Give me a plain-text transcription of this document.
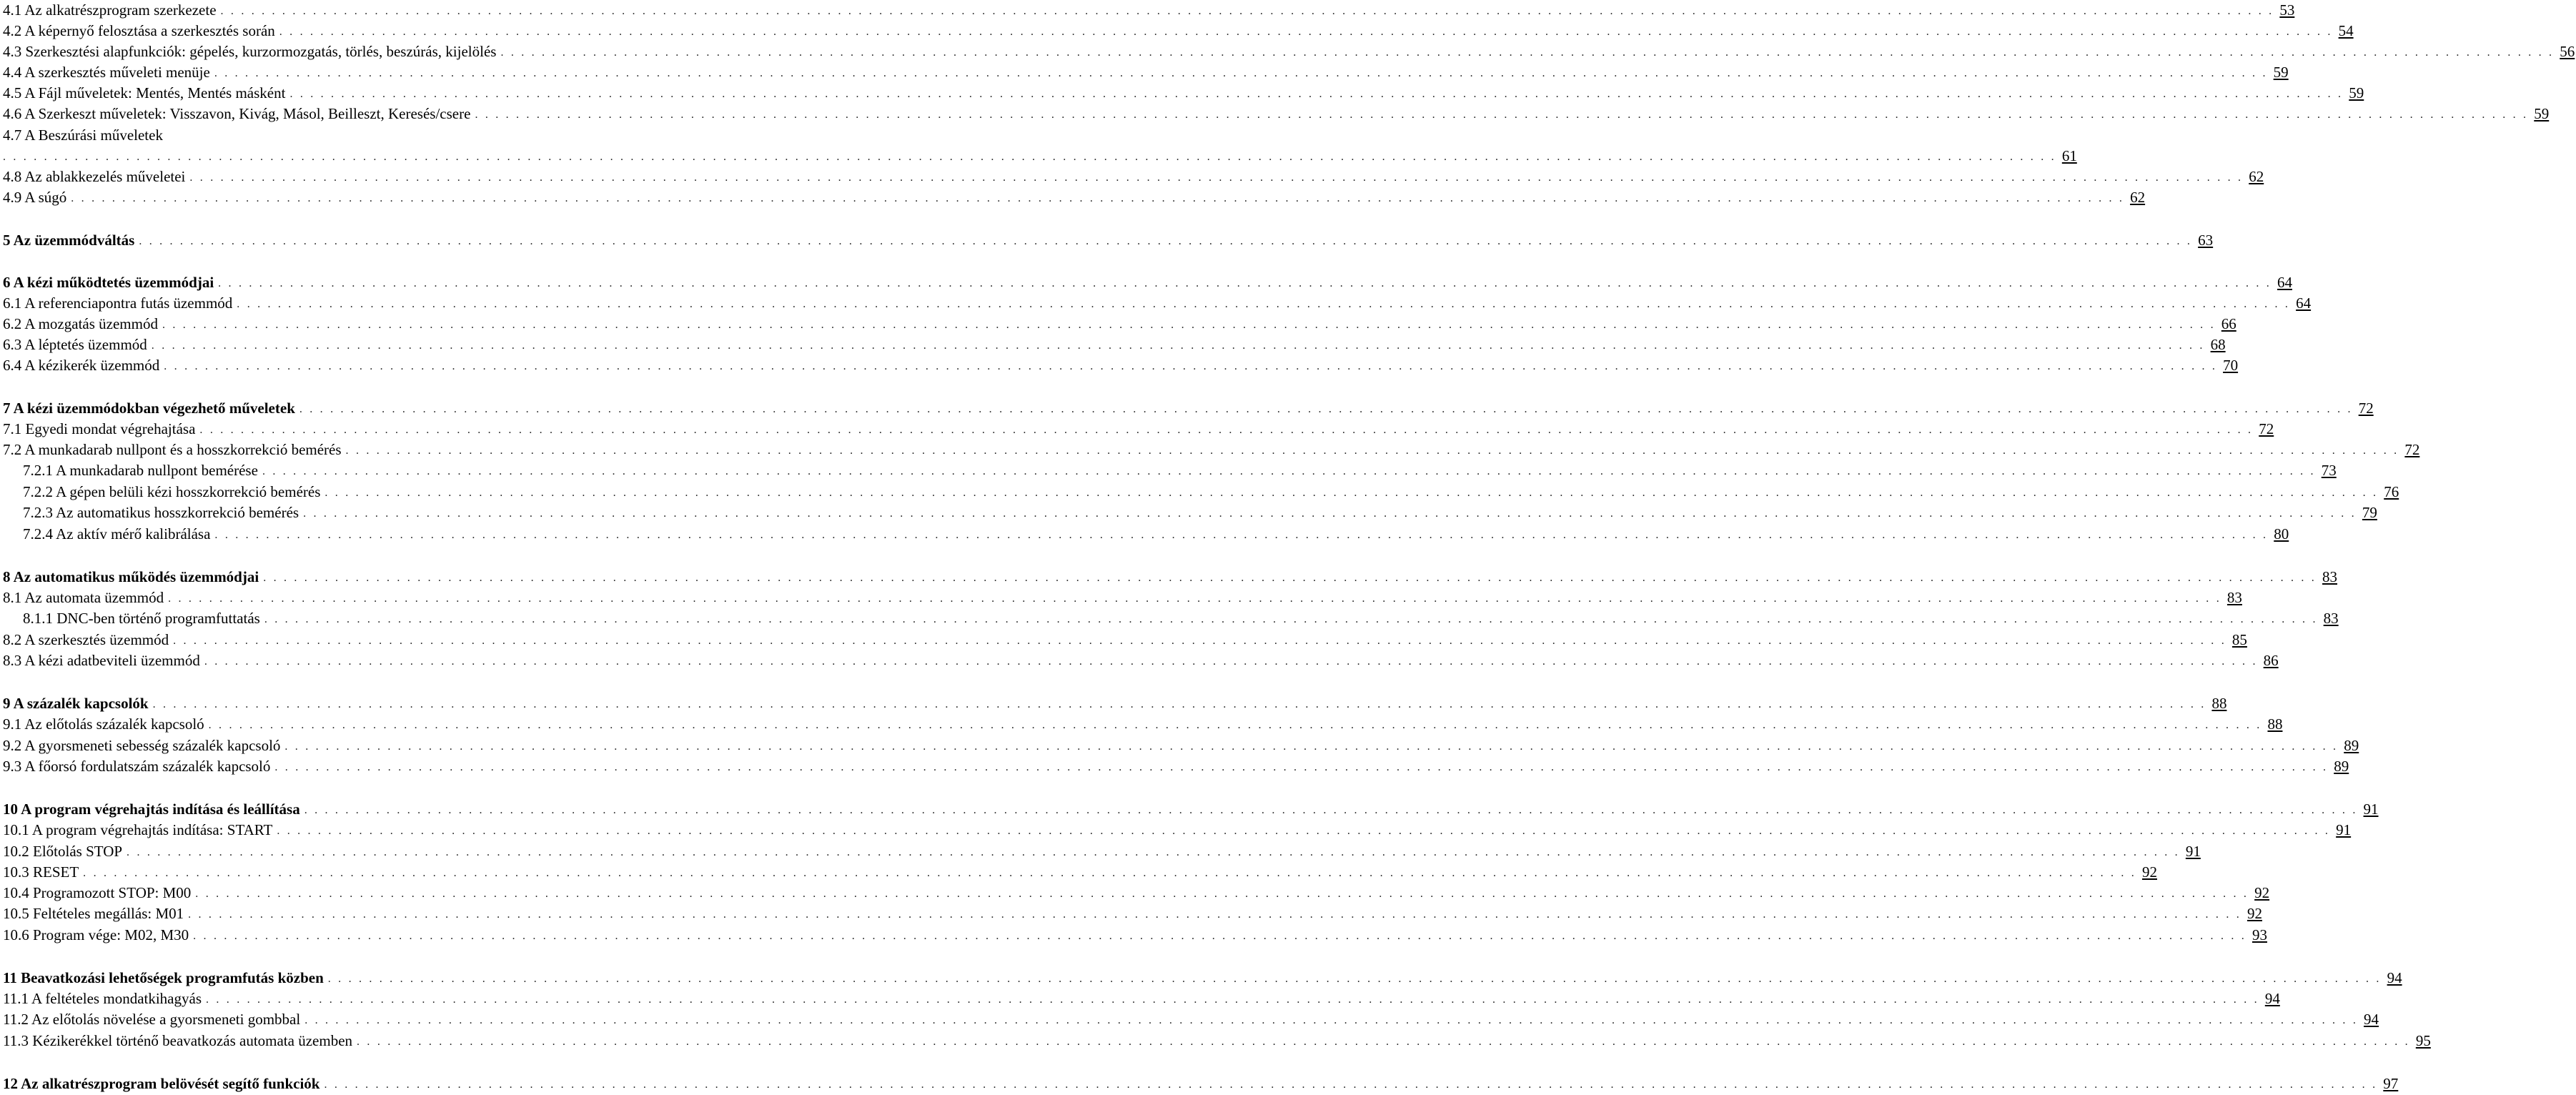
4.1 Az alkatrészprogram szerkezete . . . . . . . . . . . . . . . . . . . . . . . . . . . . . . . . . . . . . . . . . . . . . . . . . . . . . . . . . . . . . . . . . . . . . . . . . . . . . . . . . . . . . . . . . . . . . . . . . . . . . . . . . . . . . . . . . . . . . . . . . . . . . . . . . . . . . . . . . . . . . . . . . . . . . . . . . . . . . . . . . . . . . . . . . . . . . . . . . . . . . . . . . . . . . . . . . . . . . . . . 53
4.2 A képernyő felosztása a szerkesztés során . . . . . . . . . . . . . . . . . . . . . . . . . . . . . . . . . . . . . . . . . . . . . . . . . . . . . . . . . . . . . . . . . . . . . . . . . . . . . . . . . . . . . . . . . . . . . . . . . . . . . . . . . . . . . . . . . . . . . . . . . . . . . . . . . . . . . . . . . . . . . . . . . . . . . . . . . . . . . . . . . . . . . . . . . . . . . . . . . . . . . . . . . . . . . . . . . . . . . . . . 54
4.3 Szerkesztési alapfunkciók: gépelés, kurzormozgatás, törlés, beszúrás, kijelölés . . . . . . . . . . . . . . . . . . . . . . . . . . . . . . . . . . . . . . . . . . . . . . . . . . . . . . . . . . . . . . . . . . . . . . . . . . . . . . . . . . . . . . . . . . . . . . . . . . . . . . . . . . . . . . . . . . . . . . . . . . . . . . . . . . . . . . . . . . . . . . . . . . . . . . . . . . . . . . . . . . . . . . . . . . . . . . . . . . . . . . . . . . . . . . . . . . . . . . . . 56
4.4 A szerkesztés műveleti menüje . . . . . . . . . . . . . . . . . . . . . . . . . . . . . . . . . . . . . . . . . . . . . . . . . . . . . . . . . . . . . . . . . . . . . . . . . . . . . . . . . . . . . . . . . . . . . . . . . . . . . . . . . . . . . . . . . . . . . . . . . . . . . . . . . . . . . . . . . . . . . . . . . . . . . . . . . . . . . . . . . . . . . . . . . . . . . . . . . . . . . . . . . . . . . . . . . . . . . . . . 59
4.5 A Fájl műveletek: Mentés, Mentés másként . . . . . . . . . . . . . . . . . . . . . . . . . . . . . . . . . . . . . . . . . . . . . . . . . . . . . . . . . . . . . . . . . . . . . . . . . . . . . . . . . . . . . . . . . . . . . . . . . . . . . . . . . . . . . . . . . . . . . . . . . . . . . . . . . . . . . . . . . . . . . . . . . . . . . . . . . . . . . . . . . . . . . . . . . . . . . . . . . . . . . . . . . . . . . . . . . . . . . . . . 59
4.6 A Szerkeszt műveletek: Visszavon, Kivág, Másol, Beilleszt, Keresés/csere . . . . . . . . . . . . . . . . . . . . . . . . . . . . . . . . . . . . . . . . . . . . . . . . . . . . . . . . . . . . . . . . . . . . . . . . . . . . . . . . . . . . . . . . . . . . . . . . . . . . . . . . . . . . . . . . . . . . . . . . . . . . . . . . . . . . . . . . . . . . . . . . . . . . . . . . . . . . . . . . . . . . . . . . . . . . . . . . . . . . . . . . . . . . . . . . . . . . . . . . 59
4.7 A Beszúrási műveletek
. . . . . . . . . . . . . . . . . . . . . . . . . . . . . . . . . . . . . . . . . . . . . . . . . . . . . . . . . . . . . . . . . . . . . . . . . . . . . . . . . . . . . . . . . . . . . . . . . . . . . . . . . . . . . . . . . . . . . . . . . . . . . . . . . . . . . . . . . . . . . . . . . . . . . . . . . . . . . . . . . . . . . . . . . . . . . . . . . . . . . . . . . . . . . . . . . . . . . . . . 61
4.8 Az ablakkezelés műveletei . . . . . . . . . . . . . . . . . . . . . . . . . . . . . . . . . . . . . . . . . . . . . . . . . . . . . . . . . . . . . . . . . . . . . . . . . . . . . . . . . . . . . . . . . . . . . . . . . . . . . . . . . . . . . . . . . . . . . . . . . . . . . . . . . . . . . . . . . . . . . . . . . . . . . . . . . . . . . . . . . . . . . . . . . . . . . . . . . . . . . . . . . . . . . . . . . . . . . . . . 62
4.9 A súgó . . . . . . . . . . . . . . . . . . . . . . . . . . . . . . . . . . . . . . . . . . . . . . . . . . . . . . . . . . . . . . . . . . . . . . . . . . . . . . . . . . . . . . . . . . . . . . . . . . . . . . . . . . . . . . . . . . . . . . . . . . . . . . . . . . . . . . . . . . . . . . . . . . . . . . . . . . . . . . . . . . . . . . . . . . . . . . . . . . . . . . . . . . . . . . . . . . . . . . . . 62
5 Az üzemmódváltás . . . . . . . . . . . . . . . . . . . . . . . . . . . . . . . . . . . . . . . . . . . . . . . . . . . . . . . . . . . . . . . . . . . . . . . . . . . . . . . . . . . . . . . . . . . . . . . . . . . . . . . . . . . . . . . . . . . . . . . . . . . . . . . . . . . . . . . . . . . . . . . . . . . . . . . . . . . . . . . . . . . . . . . . . . . . . . . . . . . . . . . . . . . . . . . . . . . . . . . . 63
6 A kézi működtetés üzemmódjai . . . . . . . . . . . . . . . . . . . . . . . . . . . . . . . . . . . . . . . . . . . . . . . . . . . . . . . . . . . . . . . . . . . . . . . . . . . . . . . . . . . . . . . . . . . . . . . . . . . . . . . . . . . . . . . . . . . . . . . . . . . . . . . . . . . . . . . . . . . . . . . . . . . . . . . . . . . . . . . . . . . . . . . . . . . . . . . . . . . . . . . . . . . . . . . . . . . . . . . . 64
6.1 A referenciapontra futás üzemmód . . . . . . . . . . . . . . . . . . . . . . . . . . . . . . . . . . . . . . . . . . . . . . . . . . . . . . . . . . . . . . . . . . . . . . . . . . . . . . . . . . . . . . . . . . . . . . . . . . . . . . . . . . . . . . . . . . . . . . . . . . . . . . . . . . . . . . . . . . . . . . . . . . . . . . . . . . . . . . . . . . . . . . . . . . . . . . . . . . . . . . . . . . . . . . . . . . . . . . . . 64
6.2 A mozgatás üzemmód . . . . . . . . . . . . . . . . . . . . . . . . . . . . . . . . . . . . . . . . . . . . . . . . . . . . . . . . . . . . . . . . . . . . . . . . . . . . . . . . . . . . . . . . . . . . . . . . . . . . . . . . . . . . . . . . . . . . . . . . . . . . . . . . . . . . . . . . . . . . . . . . . . . . . . . . . . . . . . . . . . . . . . . . . . . . . . . . . . . . . . . . . . . . . . . . . . . . . . . . 66
6.3 A léptetés üzemmód . . . . . . . . . . . . . . . . . . . . . . . . . . . . . . . . . . . . . . . . . . . . . . . . . . . . . . . . . . . . . . . . . . . . . . . . . . . . . . . . . . . . . . . . . . . . . . . . . . . . . . . . . . . . . . . . . . . . . . . . . . . . . . . . . . . . . . . . . . . . . . . . . . . . . . . . . . . . . . . . . . . . . . . . . . . . . . . . . . . . . . . . . . . . . . . . . . . . . . . . 68
6.4 A kézikerék üzemmód . . . . . . . . . . . . . . . . . . . . . . . . . . . . . . . . . . . . . . . . . . . . . . . . . . . . . . . . . . . . . . . . . . . . . . . . . . . . . . . . . . . . . . . . . . . . . . . . . . . . . . . . . . . . . . . . . . . . . . . . . . . . . . . . . . . . . . . . . . . . . . . . . . . . . . . . . . . . . . . . . . . . . . . . . . . . . . . . . . . . . . . . . . . . . . . . . . . . . . . . 70
7 A kézi üzemmódokban végezhető műveletek . . . . . . . . . . . . . . . . . . . . . . . . . . . . . . . . . . . . . . . . . . . . . . . . . . . . . . . . . . . . . . . . . . . . . . . . . . . . . . . . . . . . . . . . . . . . . . . . . . . . . . . . . . . . . . . . . . . . . . . . . . . . . . . . . . . . . . . . . . . . . . . . . . . . . . . . . . . . . . . . . . . . . . . . . . . . . . . . . . . . . . . . . . . . . . . . . . . . . . . . 72
7.1 Egyedi mondat végrehajtása . . . . . . . . . . . . . . . . . . . . . . . . . . . . . . . . . . . . . . . . . . . . . . . . . . . . . . . . . . . . . . . . . . . . . . . . . . . . . . . . . . . . . . . . . . . . . . . . . . . . . . . . . . . . . . . . . . . . . . . . . . . . . . . . . . . . . . . . . . . . . . . . . . . . . . . . . . . . . . . . . . . . . . . . . . . . . . . . . . . . . . . . . . . . . . . . . . . . . . . . 72
7.2 A munkadarab nullpont és a hosszkorrekció bemérés . . . . . . . . . . . . . . . . . . . . . . . . . . . . . . . . . . . . . . . . . . . . . . . . . . . . . . . . . . . . . . . . . . . . . . . . . . . . . . . . . . . . . . . . . . . . . . . . . . . . . . . . . . . . . . . . . . . . . . . . . . . . . . . . . . . . . . . . . . . . . . . . . . . . . . . . . . . . . . . . . . . . . . . . . . . . . . . . . . . . . . . . . . . . . . . . . . . . . . . . 72
7.2.1 A munkadarab nullpont bemérése . . . . . . . . . . . . . . . . . . . . . . . . . . . . . . . . . . . . . . . . . . . . . . . . . . . . . . . . . . . . . . . . . . . . . . . . . . . . . . . . . . . . . . . . . . . . . . . . . . . . . . . . . . . . . . . . . . . . . . . . . . . . . . . . . . . . . . . . . . . . . . . . . . . . . . . . . . . . . . . . . . . . . . . . . . . . . . . . . . . . . . . . . . . . . . . . . . . . . . . . 73
7.2.2 A gépen belüli kézi hosszkorrekció bemérés . . . . . . . . . . . . . . . . . . . . . . . . . . . . . . . . . . . . . . . . . . . . . . . . . . . . . . . . . . . . . . . . . . . . . . . . . . . . . . . . . . . . . . . . . . . . . . . . . . . . . . . . . . . . . . . . . . . . . . . . . . . . . . . . . . . . . . . . . . . . . . . . . . . . . . . . . . . . . . . . . . . . . . . . . . . . . . . . . . . . . . . . . . . . . . . . . . . . . . . . 76
7.2.3 Az automatikus hosszkorrekció bemérés . . . . . . . . . . . . . . . . . . . . . . . . . . . . . . . . . . . . . . . . . . . . . . . . . . . . . . . . . . . . . . . . . . . . . . . . . . . . . . . . . . . . . . . . . . . . . . . . . . . . . . . . . . . . . . . . . . . . . . . . . . . . . . . . . . . . . . . . . . . . . . . . . . . . . . . . . . . . . . . . . . . . . . . . . . . . . . . . . . . . . . . . . . . . . . . . . . . . . . . . 79
7.2.4 Az aktív mérő kalibrálása . . . . . . . . . . . . . . . . . . . . . . . . . . . . . . . . . . . . . . . . . . . . . . . . . . . . . . . . . . . . . . . . . . . . . . . . . . . . . . . . . . . . . . . . . . . . . . . . . . . . . . . . . . . . . . . . . . . . . . . . . . . . . . . . . . . . . . . . . . . . . . . . . . . . . . . . . . . . . . . . . . . . . . . . . . . . . . . . . . . . . . . . . . . . . . . . . . . . . . . . 80
8 Az automatikus működés üzemmódjai . . . . . . . . . . . . . . . . . . . . . . . . . . . . . . . . . . . . . . . . . . . . . . . . . . . . . . . . . . . . . . . . . . . . . . . . . . . . . . . . . . . . . . . . . . . . . . . . . . . . . . . . . . . . . . . . . . . . . . . . . . . . . . . . . . . . . . . . . . . . . . . . . . . . . . . . . . . . . . . . . . . . . . . . . . . . . . . . . . . . . . . . . . . . . . . . . . . . . . . . 83
8.1 Az automata üzemmód . . . . . . . . . . . . . . . . . . . . . . . . . . . . . . . . . . . . . . . . . . . . . . . . . . . . . . . . . . . . . . . . . . . . . . . . . . . . . . . . . . . . . . . . . . . . . . . . . . . . . . . . . . . . . . . . . . . . . . . . . . . . . . . . . . . . . . . . . . . . . . . . . . . . . . . . . . . . . . . . . . . . . . . . . . . . . . . . . . . . . . . . . . . . . . . . . . . . . . . . 83
8.1.1 DNC-ben történő programfuttatás . . . . . . . . . . . . . . . . . . . . . . . . . . . . . . . . . . . . . . . . . . . . . . . . . . . . . . . . . . . . . . . . . . . . . . . . . . . . . . . . . . . . . . . . . . . . . . . . . . . . . . . . . . . . . . . . . . . . . . . . . . . . . . . . . . . . . . . . . . . . . . . . . . . . . . . . . . . . . . . . . . . . . . . . . . . . . . . . . . . . . . . . . . . . . . . . . . . . . . . . 83
8.2 A szerkesztés üzemmód . . . . . . . . . . . . . . . . . . . . . . . . . . . . . . . . . . . . . . . . . . . . . . . . . . . . . . . . . . . . . . . . . . . . . . . . . . . . . . . . . . . . . . . . . . . . . . . . . . . . . . . . . . . . . . . . . . . . . . . . . . . . . . . . . . . . . . . . . . . . . . . . . . . . . . . . . . . . . . . . . . . . . . . . . . . . . . . . . . . . . . . . . . . . . . . . . . . . . . . . 85
8.3 A kézi adatbeviteli üzemmód . . . . . . . . . . . . . . . . . . . . . . . . . . . . . . . . . . . . . . . . . . . . . . . . . . . . . . . . . . . . . . . . . . . . . . . . . . . . . . . . . . . . . . . . . . . . . . . . . . . . . . . . . . . . . . . . . . . . . . . . . . . . . . . . . . . . . . . . . . . . . . . . . . . . . . . . . . . . . . . . . . . . . . . . . . . . . . . . . . . . . . . . . . . . . . . . . . . . . . . . 86
9 A százalék kapcsolók . . . . . . . . . . . . . . . . . . . . . . . . . . . . . . . . . . . . . . . . . . . . . . . . . . . . . . . . . . . . . . . . . . . . . . . . . . . . . . . . . . . . . . . . . . . . . . . . . . . . . . . . . . . . . . . . . . . . . . . . . . . . . . . . . . . . . . . . . . . . . . . . . . . . . . . . . . . . . . . . . . . . . . . . . . . . . . . . . . . . . . . . . . . . . . . . . . . . . . . . 88
9.1 Az előtolás százalék kapcsoló . . . . . . . . . . . . . . . . . . . . . . . . . . . . . . . . . . . . . . . . . . . . . . . . . . . . . . . . . . . . . . . . . . . . . . . . . . . . . . . . . . . . . . . . . . . . . . . . . . . . . . . . . . . . . . . . . . . . . . . . . . . . . . . . . . . . . . . . . . . . . . . . . . . . . . . . . . . . . . . . . . . . . . . . . . . . . . . . . . . . . . . . . . . . . . . . . . . . . . . . 88
9.2 A gyorsmeneti sebesség százalék kapcsoló . . . . . . . . . . . . . . . . . . . . . . . . . . . . . . . . . . . . . . . . . . . . . . . . . . . . . . . . . . . . . . . . . . . . . . . . . . . . . . . . . . . . . . . . . . . . . . . . . . . . . . . . . . . . . . . . . . . . . . . . . . . . . . . . . . . . . . . . . . . . . . . . . . . . . . . . . . . . . . . . . . . . . . . . . . . . . . . . . . . . . . . . . . . . . . . . . . . . . . . . 89
9.3 A főorsó fordulatszám százalék kapcsoló . . . . . . . . . . . . . . . . . . . . . . . . . . . . . . . . . . . . . . . . . . . . . . . . . . . . . . . . . . . . . . . . . . . . . . . . . . . . . . . . . . . . . . . . . . . . . . . . . . . . . . . . . . . . . . . . . . . . . . . . . . . . . . . . . . . . . . . . . . . . . . . . . . . . . . . . . . . . . . . . . . . . . . . . . . . . . . . . . . . . . . . . . . . . . . . . . . . . . . . . 89
10 A program végrehajtás indítása és leállítása . . . . . . . . . . . . . . . . . . . . . . . . . . . . . . . . . . . . . . . . . . . . . . . . . . . . . . . . . . . . . . . . . . . . . . . . . . . . . . . . . . . . . . . . . . . . . . . . . . . . . . . . . . . . . . . . . . . . . . . . . . . . . . . . . . . . . . . . . . . . . . . . . . . . . . . . . . . . . . . . . . . . . . . . . . . . . . . . . . . . . . . . . . . . . . . . . . . . . . . . 91
10.1 A program végrehajtás indítása: START . . . . . . . . . . . . . . . . . . . . . . . . . . . . . . . . . . . . . . . . . . . . . . . . . . . . . . . . . . . . . . . . . . . . . . . . . . . . . . . . . . . . . . . . . . . . . . . . . . . . . . . . . . . . . . . . . . . . . . . . . . . . . . . . . . . . . . . . . . . . . . . . . . . . . . . . . . . . . . . . . . . . . . . . . . . . . . . . . . . . . . . . . . . . . . . . . . . . . . . . 91
10.2 Előtolás STOP . . . . . . . . . . . . . . . . . . . . . . . . . . . . . . . . . . . . . . . . . . . . . . . . . . . . . . . . . . . . . . . . . . . . . . . . . . . . . . . . . . . . . . . . . . . . . . . . . . . . . . . . . . . . . . . . . . . . . . . . . . . . . . . . . . . . . . . . . . . . . . . . . . . . . . . . . . . . . . . . . . . . . . . . . . . . . . . . . . . . . . . . . . . . . . . . . . . . . . . . 91
10.3 RESET . . . . . . . . . . . . . . . . . . . . . . . . . . . . . . . . . . . . . . . . . . . . . . . . . . . . . . . . . . . . . . . . . . . . . . . . . . . . . . . . . . . . . . . . . . . . . . . . . . . . . . . . . . . . . . . . . . . . . . . . . . . . . . . . . . . . . . . . . . . . . . . . . . . . . . . . . . . . . . . . . . . . . . . . . . . . . . . . . . . . . . . . . . . . . . . . . . . . . . . . 92
10.4 Programozott STOP: M00 . . . . . . . . . . . . . . . . . . . . . . . . . . . . . . . . . . . . . . . . . . . . . . . . . . . . . . . . . . . . . . . . . . . . . . . . . . . . . . . . . . . . . . . . . . . . . . . . . . . . . . . . . . . . . . . . . . . . . . . . . . . . . . . . . . . . . . . . . . . . . . . . . . . . . . . . . . . . . . . . . . . . . . . . . . . . . . . . . . . . . . . . . . . . . . . . . . . . . . . . 92
10.5 Feltételes megállás: M01 . . . . . . . . . . . . . . . . . . . . . . . . . . . . . . . . . . . . . . . . . . . . . . . . . . . . . . . . . . . . . . . . . . . . . . . . . . . . . . . . . . . . . . . . . . . . . . . . . . . . . . . . . . . . . . . . . . . . . . . . . . . . . . . . . . . . . . . . . . . . . . . . . . . . . . . . . . . . . . . . . . . . . . . . . . . . . . . . . . . . . . . . . . . . . . . . . . . . . . . . 92
10.6 Program vége: M02, M30 . . . . . . . . . . . . . . . . . . . . . . . . . . . . . . . . . . . . . . . . . . . . . . . . . . . . . . . . . . . . . . . . . . . . . . . . . . . . . . . . . . . . . . . . . . . . . . . . . . . . . . . . . . . . . . . . . . . . . . . . . . . . . . . . . . . . . . . . . . . . . . . . . . . . . . . . . . . . . . . . . . . . . . . . . . . . . . . . . . . . . . . . . . . . . . . . . . . . . . . . 93
11 Beavatkozási lehetőségek programfutás közben . . . . . . . . . . . . . . . . . . . . . . . . . . . . . . . . . . . . . . . . . . . . . . . . . . . . . . . . . . . . . . . . . . . . . . . . . . . . . . . . . . . . . . . . . . . . . . . . . . . . . . . . . . . . . . . . . . . . . . . . . . . . . . . . . . . . . . . . . . . . . . . . . . . . . . . . . . . . . . . . . . . . . . . . . . . . . . . . . . . . . . . . . . . . . . . . . . . . . . . . 94
11.1 A feltételes mondatkihagyás . . . . . . . . . . . . . . . . . . . . . . . . . . . . . . . . . . . . . . . . . . . . . . . . . . . . . . . . . . . . . . . . . . . . . . . . . . . . . . . . . . . . . . . . . . . . . . . . . . . . . . . . . . . . . . . . . . . . . . . . . . . . . . . . . . . . . . . . . . . . . . . . . . . . . . . . . . . . . . . . . . . . . . . . . . . . . . . . . . . . . . . . . . . . . . . . . . . . . . . . 94
11.2 Az előtolás növelése a gyorsmeneti gombbal . . . . . . . . . . . . . . . . . . . . . . . . . . . . . . . . . . . . . . . . . . . . . . . . . . . . . . . . . . . . . . . . . . . . . . . . . . . . . . . . . . . . . . . . . . . . . . . . . . . . . . . . . . . . . . . . . . . . . . . . . . . . . . . . . . . . . . . . . . . . . . . . . . . . . . . . . . . . . . . . . . . . . . . . . . . . . . . . . . . . . . . . . . . . . . . . . . . . . . . . 94
11.3 Kézikerékkel történő beavatkozás automata üzemben . . . . . . . . . . . . . . . . . . . . . . . . . . . . . . . . . . . . . . . . . . . . . . . . . . . . . . . . . . . . . . . . . . . . . . . . . . . . . . . . . . . . . . . . . . . . . . . . . . . . . . . . . . . . . . . . . . . . . . . . . . . . . . . . . . . . . . . . . . . . . . . . . . . . . . . . . . . . . . . . . . . . . . . . . . . . . . . . . . . . . . . . . . . . . . . . . . . . . . . . 95
12 Az alkatrészprogram belövését segítő funkciók . . . . . . . . . . . . . . . . . . . . . . . . . . . . . . . . . . . . . . . . . . . . . . . . . . . . . . . . . . . . . . . . . . . . . . . . . . . . . . . . . . . . . . . . . . . . . . . . . . . . . . . . . . . . . . . . . . . . . . . . . . . . . . . . . . . . . . . . . . . . . . . . . . . . . . . . . . . . . . . . . . . . . . . . . . . . . . . . . . . . . . . . . . . . . . . . . . . . . . . . 97
